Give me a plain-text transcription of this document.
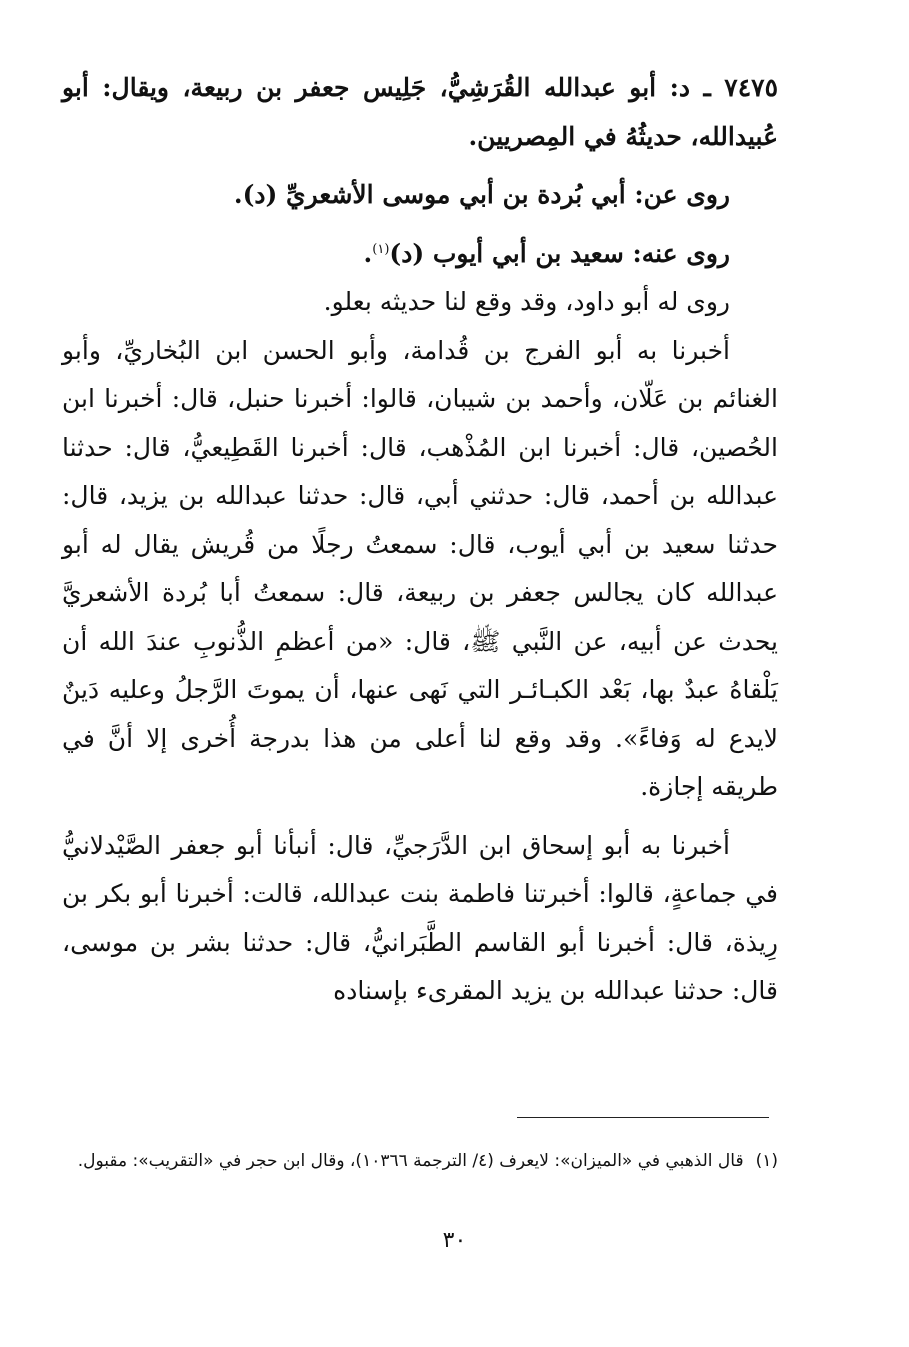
٧٤٧٥ ـ د: أبو عبدالله القُرَشِيُّ، جَلِيس جعفر بن ربيعة، ويقال: أبو عُبيدالله، حديثُهُ في المِصريين.

روى عن: أبي بُردة بن أبي موسى الأشعريِّ (د).

روى عنه: سعيد بن أبي أيوب (د)$^{(١)}$.

روى له أبو داود، وقد وقع لنا حديثه بعلو.

أخبرنا به أبو الفرج بن قُدامة، وأبو الحسن ابن البُخاريِّ، وأبو الغنائم بن عَلّان، وأحمد بن شيبان، قالوا: أخبرنا حنبل، قال: أخبرنا ابن الحُصين، قال: أخبرنا ابن المُذْهب، قال: أخبرنا القَطِيعيُّ، قال: حدثنا عبدالله بن أحمد، قال: حدثني أبي، قال: حدثنا عبدالله بن يزيد، قال: حدثنا سعيد بن أبي أيوب، قال: سمعتُ رجلًا من قُريش يقال له أبو عبدالله كان يجالس جعفر بن ربيعة، قال: سمعتُ أبا بُردة الأشعريَّ يحدث عن أبيه، عن النَّبي ﷺ، قال: «من أعظمِ الذُّنوبِ عندَ الله أن يَلْقاهُ عبدٌ بها، بَعْد الكبـائـر التي نَهى عنها، أن يموتَ الرَّجلُ وعليه دَينٌ لايدع له وَفاءً». وقد وقع لنا أعلى من هذا بدرجة أُخرى إلا أنَّ في طريقه إجازة.

أخبرنا به أبو إسحاق ابن الدَّرَجيِّ، قال: أنبأنا أبو جعفر الصَّيْدلانيُّ في جماعةٍ، قالوا: أخبرتنا فاطمة بنت عبدالله، قالت: أخبرنا أبو بكر بن رِيذة، قال: أخبرنا أبو القاسم الطَّبَرانيُّ، قال: حدثنا بشر بن موسى، قال: حدثنا عبدالله بن يزيد المقرىء بإسناده

(١)قال الذهبي في «الميزان»: لايعرف (٤/ الترجمة ١٠٣٦٦)، وقال ابن حجر في «التقريب»: مقبول.

٣٠
